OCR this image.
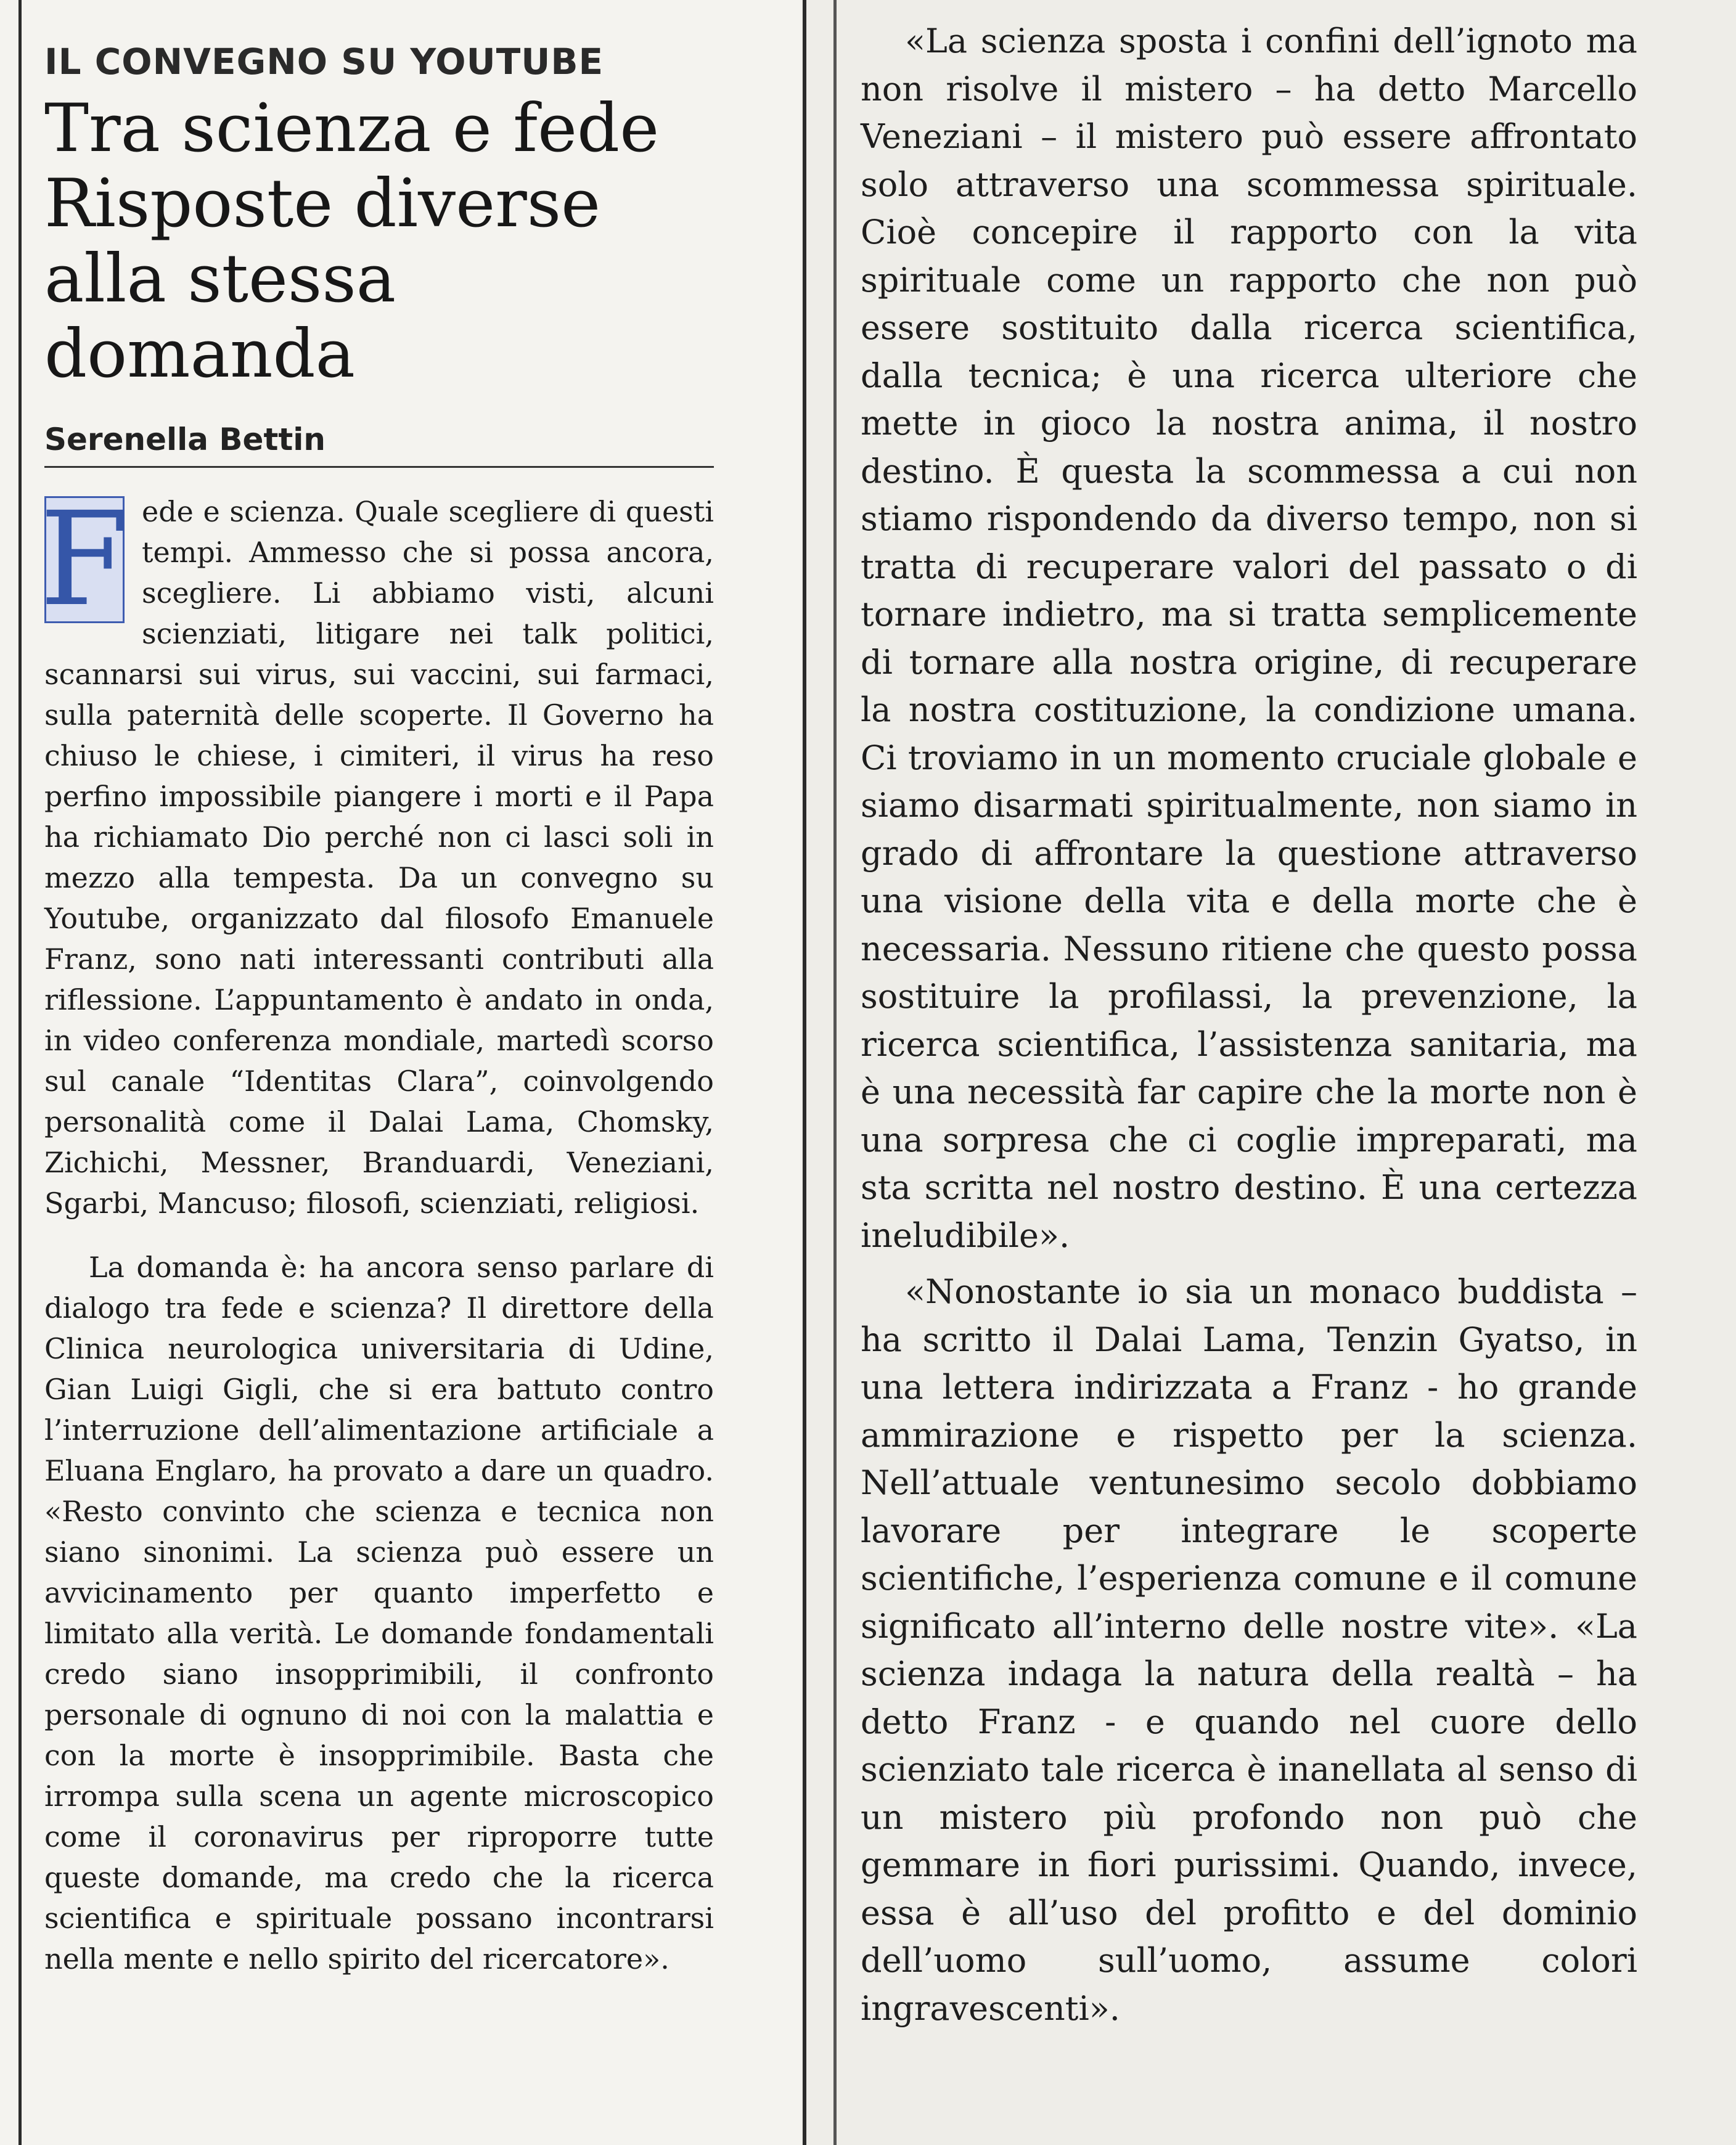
IL CONVEGNO SU YOUTUBE
Tra scienza e fede
Risposte diverse
alla stessa domanda
Serenella Bettin

F ede e scienza. Quale scegliere di questi tempi. Ammesso che si possa ancora, scegliere. Li abbiamo visti, alcuni scienziati, litigare nei talk politici, scannarsi sui virus, sui vaccini, sui farmaci, sulla paternità delle scoperte. Il Governo ha chiuso le chiese, i cimiteri, il virus ha reso perfino impossibile piangere i morti e il Papa ha richiamato Dio perché non ci lasci soli in mezzo alla tempesta. Da un convegno su Youtube, organizzato dal filosofo Emanuele Franz, sono nati interessanti contributi alla riflessione. L’appuntamento è andato in onda, in video conferenza mondiale, martedì scorso sul canale “Identitas Clara”, coinvolgendo personalità come il Dalai Lama, Chomsky, Zichichi, Messner, Branduardi, Veneziani, Sgarbi, Mancuso; filosofi, scienziati, religiosi.

La domanda è: ha ancora senso parlare di dialogo tra fede e scienza? Il direttore della Clinica neurologica universitaria di Udine, Gian Luigi Gigli, che si era battuto contro l’interruzione dell’alimentazione artificiale a Eluana Englaro, ha provato a dare un quadro. «Resto convinto che scienza e tecnica non siano sinonimi. La scienza può essere un avvicinamento per quanto imperfetto e limitato alla verità. Le domande fondamentali credo siano insopprimibili, il confronto personale di ognuno di noi con la malattia e con la morte è insopprimibile. Basta che irrompa sulla scena un agente microscopico come il coronavirus per riproporre tutte queste domande, ma credo che la ricerca scientifica e spirituale possano incontrarsi nella mente e nello spirito del ricercatore».

«La scienza sposta i confini dell’ignoto ma non risolve il mistero – ha detto Marcello Veneziani – il mistero può essere affrontato solo attraverso una scommessa spirituale. Cioè concepire il rapporto con la vita spirituale come un rapporto che non può essere sostituito dalla ricerca scientifica, dalla tecnica; è una ricerca ulteriore che mette in gioco la nostra anima, il nostro destino. È questa la scommessa a cui non stiamo rispondendo da diverso tempo, non si tratta di recuperare valori del passato o di tornare indietro, ma si tratta semplicemente di tornare alla nostra origine, di recuperare la nostra costituzione, la condizione umana. Ci troviamo in un momento cruciale globale e siamo disarmati spiritualmente, non siamo in grado di affrontare la questione attraverso una visione della vita e della morte che è necessaria. Nessuno ritiene che questo possa sostituire la profilassi, la prevenzione, la ricerca scientifica, l’assistenza sanitaria, ma è una necessità far capire che la morte non è una sorpresa che ci coglie impreparati, ma sta scritta nel nostro destino. È una certezza ineludibile».

«Nonostante io sia un monaco buddista – ha scritto il Dalai Lama, Tenzin Gyatso, in una lettera indirizzata a Franz - ho grande ammirazione e rispetto per la scienza. Nell’attuale ventunesimo secolo dobbiamo lavorare per integrare le scoperte scientifiche, l’esperienza comune e il comune significato all’interno delle nostre vite». «La scienza indaga la natura della realtà – ha detto Franz - e quando nel cuore dello scienziato tale ricerca è inanellata al senso di un mistero più profondo non può che gemmare in fiori purissimi. Quando, invece, essa è all’uso del profitto e del dominio dell’uomo sull’uomo, assume colori ingravescenti».
